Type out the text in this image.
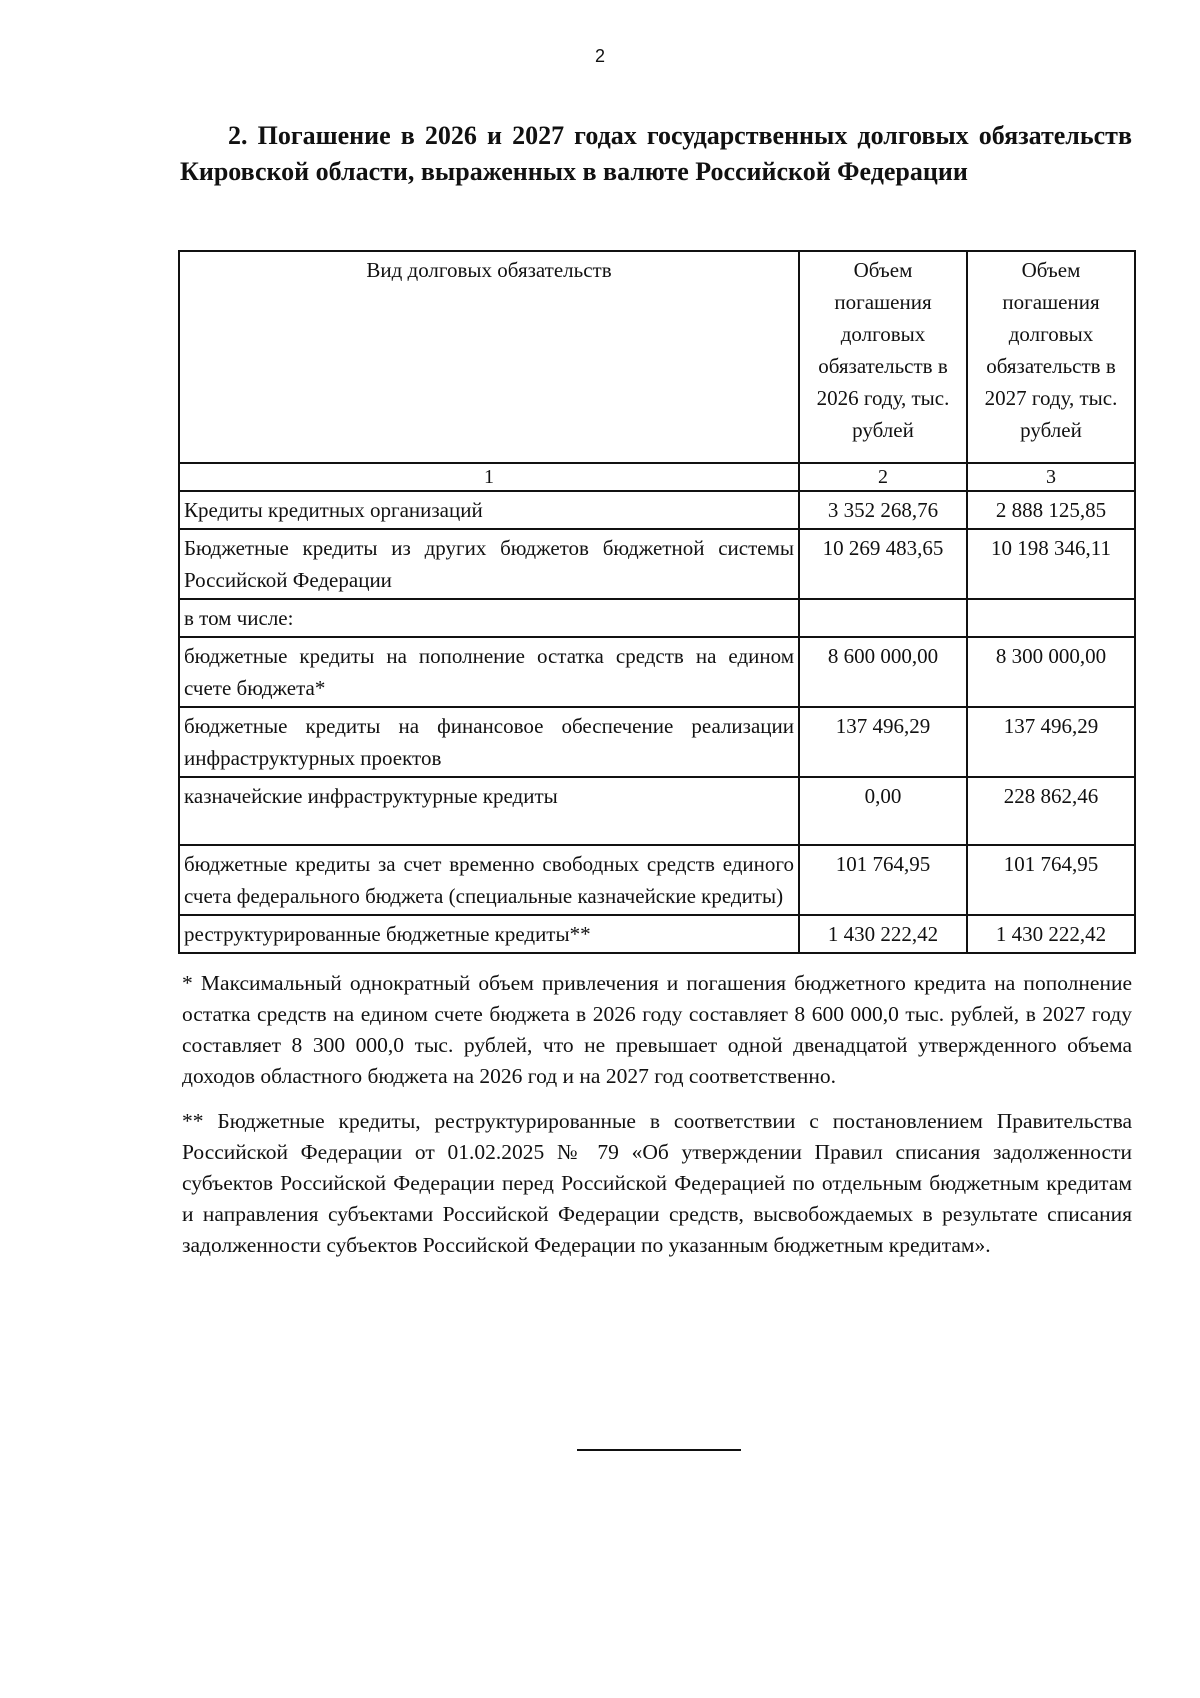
2
2. Погашение в 2026 и 2027 годах государственных долговых обязательств Кировской области, выраженных в валюте Российской Федерации
Вид долговых обязательств	Объем погашения долговых обязательств в 2026 году, тыс. рублей	Объем погашения долговых обязательств в 2027 году, тыс. рублей
1	2	3
Кредиты кредитных организаций	3 352 268,76	2 888 125,85
Бюджетные кредиты из других бюджетов бюджетной системы Российской Федерации	10 269 483,65	10 198 346,11
в том числе:		
бюджетные кредиты на пополнение остатка средств на едином счете бюджета*	8 600 000,00	8 300 000,00
бюджетные кредиты на финансовое обеспечение реализации инфраструктурных проектов	137 496,29	137 496,29
казначейские инфраструктурные кредиты	0,00	228 862,46
бюджетные кредиты за счет временно свободных средств единого счета федерального бюджета (специальные казначейские кредиты)	101 764,95	101 764,95
реструктурированные бюджетные кредиты**	1 430 222,42	1 430 222,42

* Максимальный однократный объем привлечения и погашения бюджетного кредита на пополнение остатка средств на едином счете бюджета в 2026 году составляет 8 600 000,0 тыс. рублей, в 2027 году составляет 8 300 000,0 тыс. рублей, что не превышает одной двенадцатой утвержденного объема доходов областного бюджета на 2026 год и на 2027 год соответственно.

** Бюджетные кредиты, реструктурированные в соответствии с постановлением Правительства Российской Федерации от 01.02.2025 № 79 «Об утверждении Правил списания задолженности субъектов Российской Федерации перед Российской Федерацией по отдельным бюджетным кредитам и направления субъектами Российской Федерации средств, высвобождаемых в результате списания задолженности субъектов Российской Федерации по указанным бюджетным кредитам».
